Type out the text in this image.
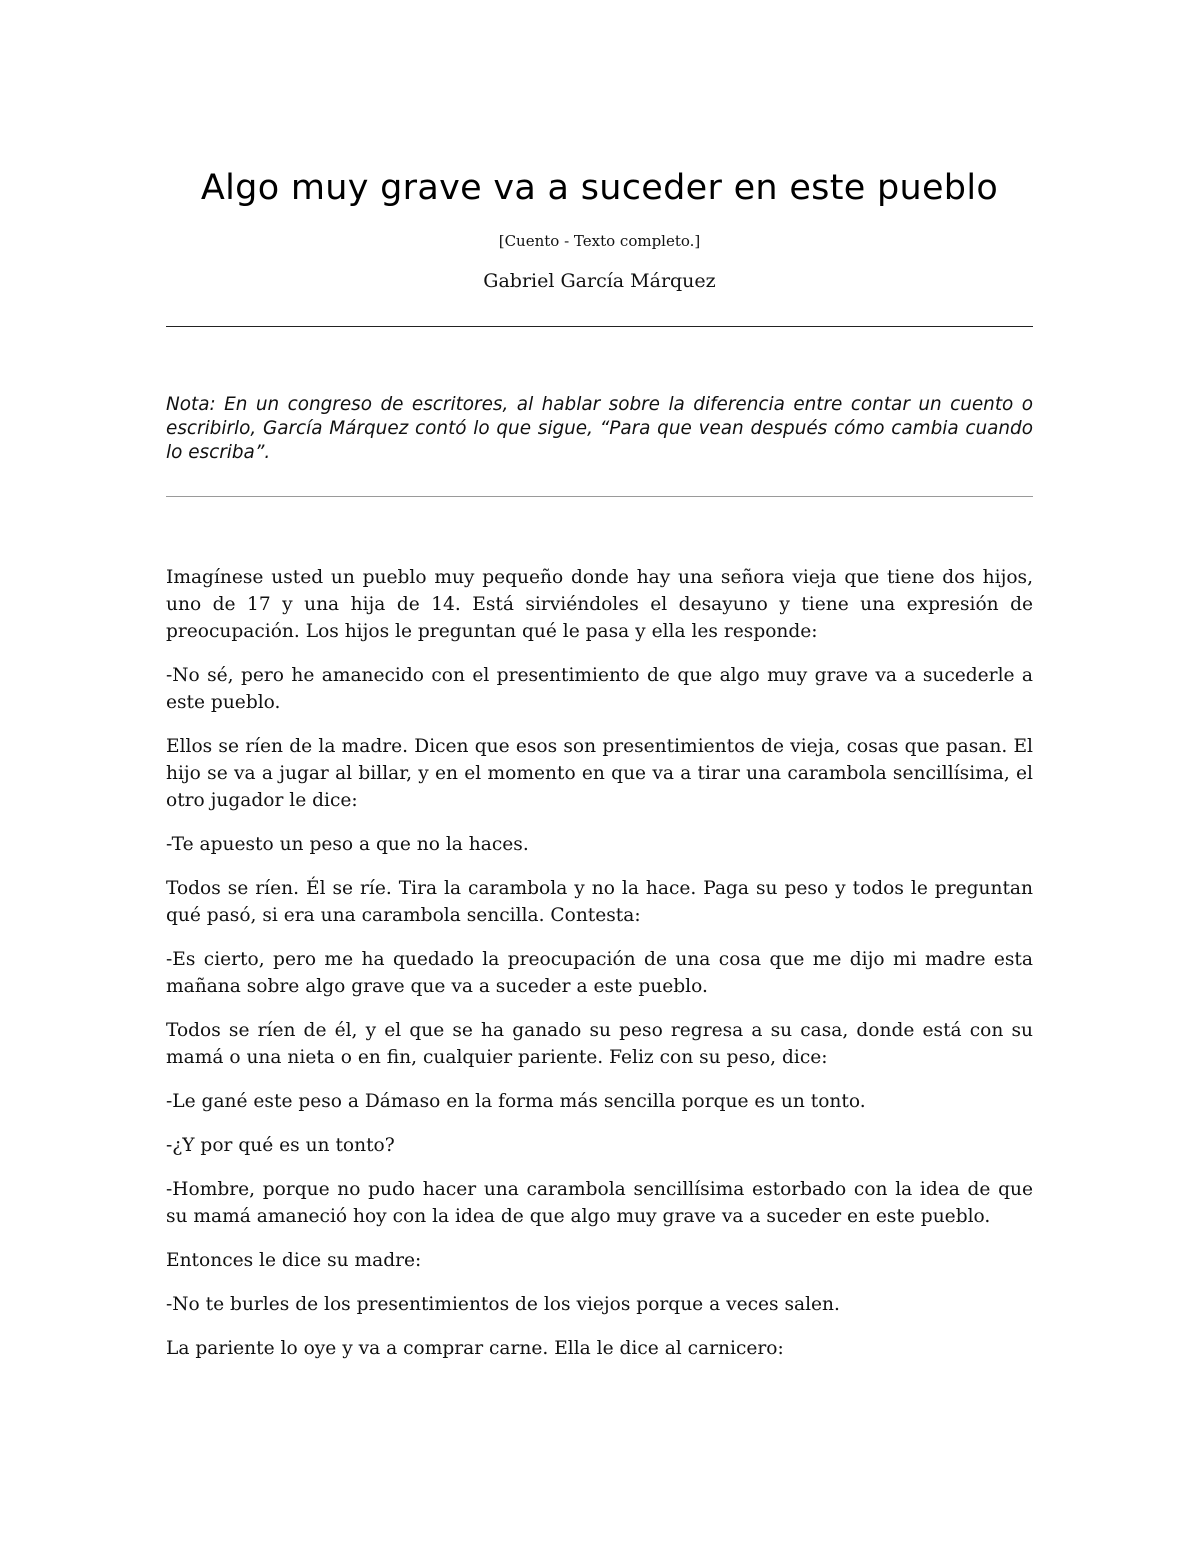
Algo muy grave va a suceder en este pueblo
[Cuento - Texto completo.]
Gabriel García Márquez

Nota: En un congreso de escritores, al hablar sobre la diferencia entre contar un cuento o escribirlo, García Márquez contó lo que sigue, “Para que vean después cómo cambia cuando lo escriba”.

Imagínese usted un pueblo muy pequeño donde hay una señora vieja que tiene dos hijos, uno de 17 y una hija de 14. Está sirviéndoles el desayuno y tiene una expresión de preocupación. Los hijos le preguntan qué le pasa y ella les responde:

-No sé, pero he amanecido con el presentimiento de que algo muy grave va a sucederle a este pueblo.

Ellos se ríen de la madre. Dicen que esos son presentimientos de vieja, cosas que pasan. El hijo se va a jugar al billar, y en el momento en que va a tirar una carambola sencillísima, el otro jugador le dice:

-Te apuesto un peso a que no la haces.

Todos se ríen. Él se ríe. Tira la carambola y no la hace. Paga su peso y todos le preguntan qué pasó, si era una carambola sencilla. Contesta:

-Es cierto, pero me ha quedado la preocupación de una cosa que me dijo mi madre esta mañana sobre algo grave que va a suceder a este pueblo.

Todos se ríen de él, y el que se ha ganado su peso regresa a su casa, donde está con su mamá o una nieta o en fin, cualquier pariente. Feliz con su peso, dice:

-Le gané este peso a Dámaso en la forma más sencilla porque es un tonto.

-¿Y por qué es un tonto?

-Hombre, porque no pudo hacer una carambola sencillísima estorbado con la idea de que su mamá amaneció hoy con la idea de que algo muy grave va a suceder en este pueblo.

Entonces le dice su madre:

-No te burles de los presentimientos de los viejos porque a veces salen.

La pariente lo oye y va a comprar carne. Ella le dice al carnicero:
